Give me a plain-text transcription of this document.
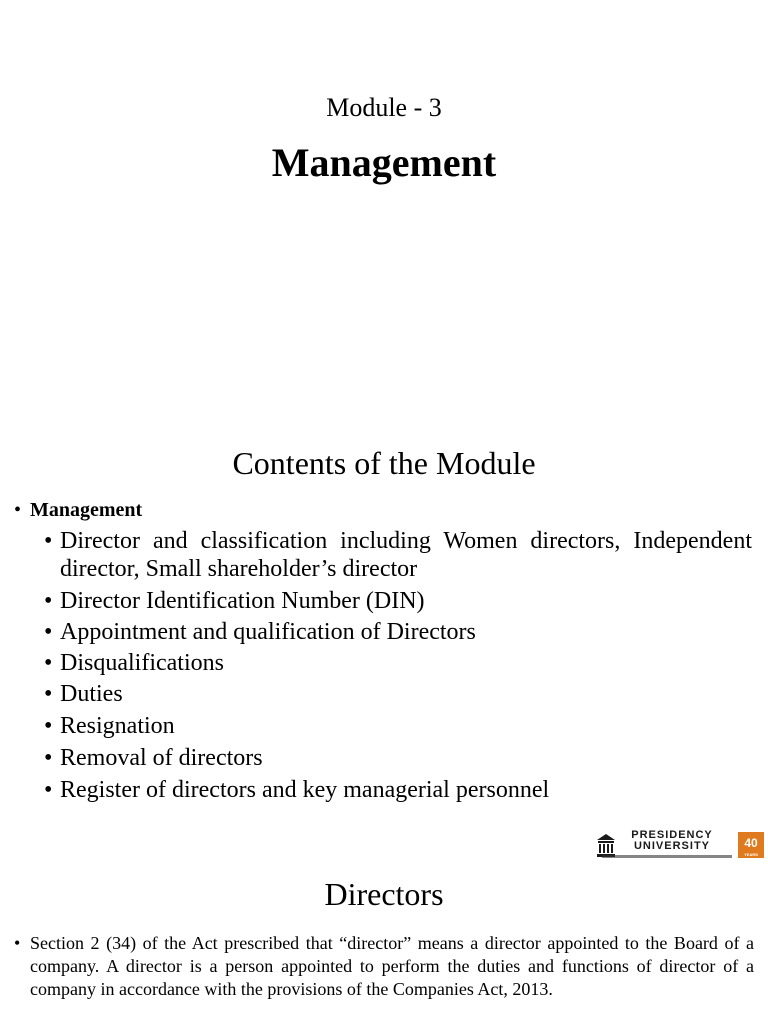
Module - 3
Management
Contents of the Module
• Management
• Director and classification including Women directors, Independent director, Small shareholder’s director
• Director Identification Number (DIN)
• Appointment and qualification of Directors
• Disqualifications
• Duties
• Resignation
• Removal of directors
• Register of directors and key managerial personnel
PRESIDENCY
UNIVERSITY	40
YEARS
Directors
• Section 2 (34) of the Act prescribed that “director” means a director appointed to the Board of a company. A director is a person appointed to perform the duties and functions of director of a company in accordance with the provisions of the Companies Act, 2013.
